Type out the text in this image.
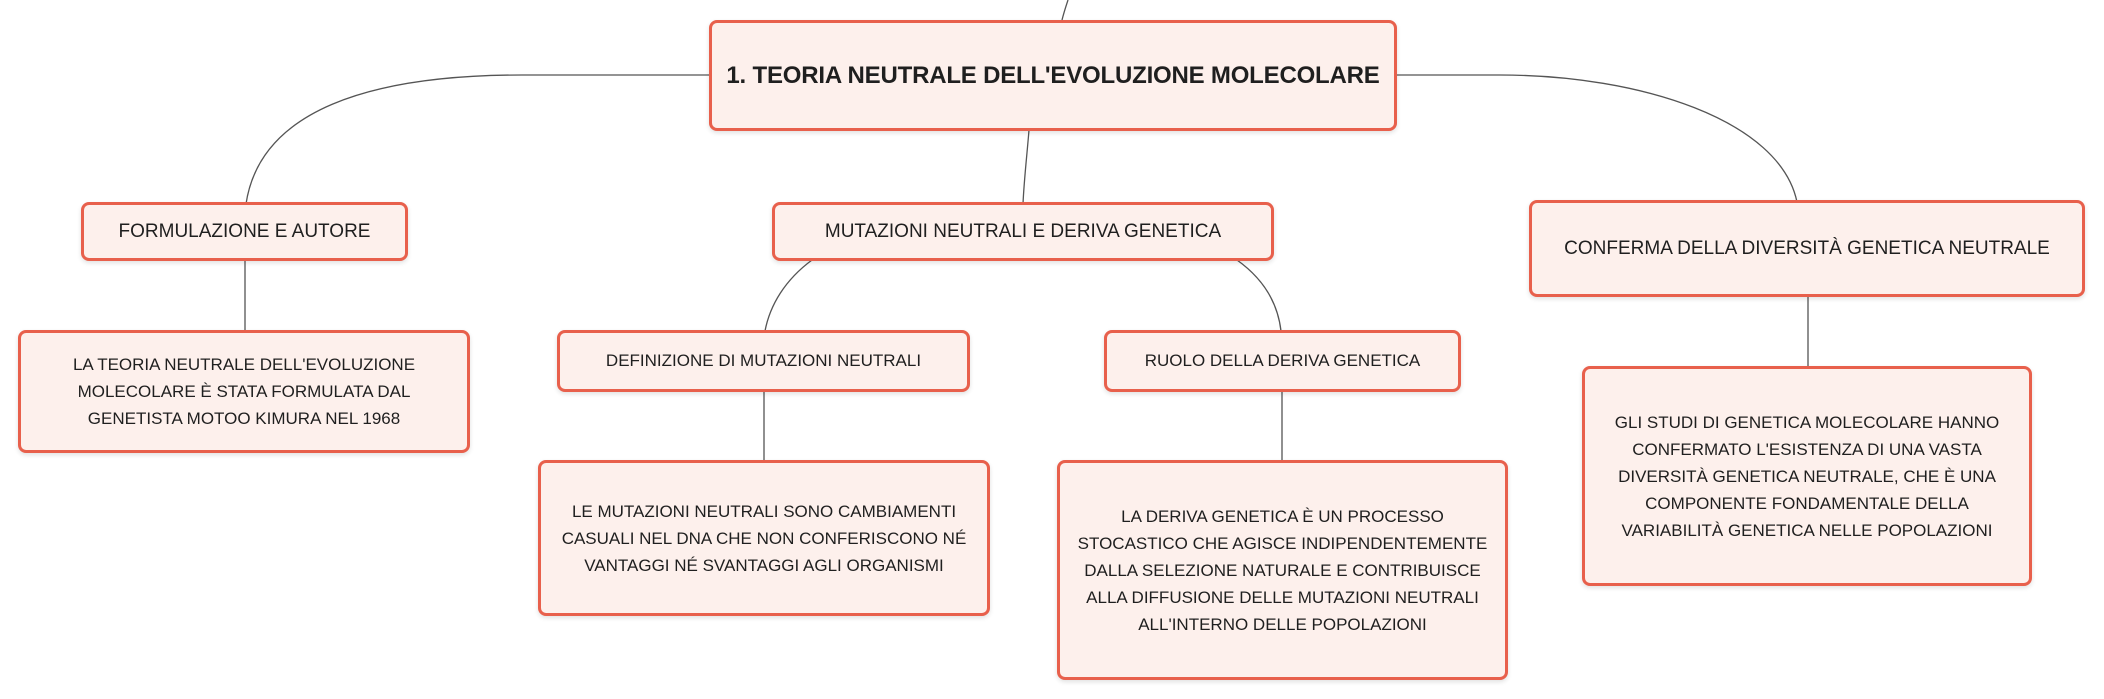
1. TEORIA NEUTRALE DELL'EVOLUZIONE MOLECOLARE
FORMULAZIONE E AUTORE
LA TEORIA NEUTRALE DELL'EVOLUZIONE MOLECOLARE È STATA FORMULATA DAL GENETISTA MOTOO KIMURA NEL 1968
MUTAZIONI NEUTRALI E DERIVA GENETICA
DEFINIZIONE DI MUTAZIONI NEUTRALI
LE MUTAZIONI NEUTRALI SONO CAMBIAMENTI CASUALI NEL DNA CHE NON CONFERISCONO NÉ VANTAGGI NÉ SVANTAGGI AGLI ORGANISMI
RUOLO DELLA DERIVA GENETICA
LA DERIVA GENETICA È UN PROCESSO STOCASTICO CHE AGISCE INDIPENDENTEMENTE DALLA SELEZIONE NATURALE E CONTRIBUISCE ALLA DIFFUSIONE DELLE MUTAZIONI NEUTRALI ALL'INTERNO DELLE POPOLAZIONI
CONFERMA DELLA DIVERSITÀ GENETICA NEUTRALE
GLI STUDI DI GENETICA MOLECOLARE HANNO CONFERMATO L'ESISTENZA DI UNA VASTA DIVERSITÀ GENETICA NEUTRALE, CHE È UNA COMPONENTE FONDAMENTALE DELLA VARIABILITÀ GENETICA NELLE POPOLAZIONI
